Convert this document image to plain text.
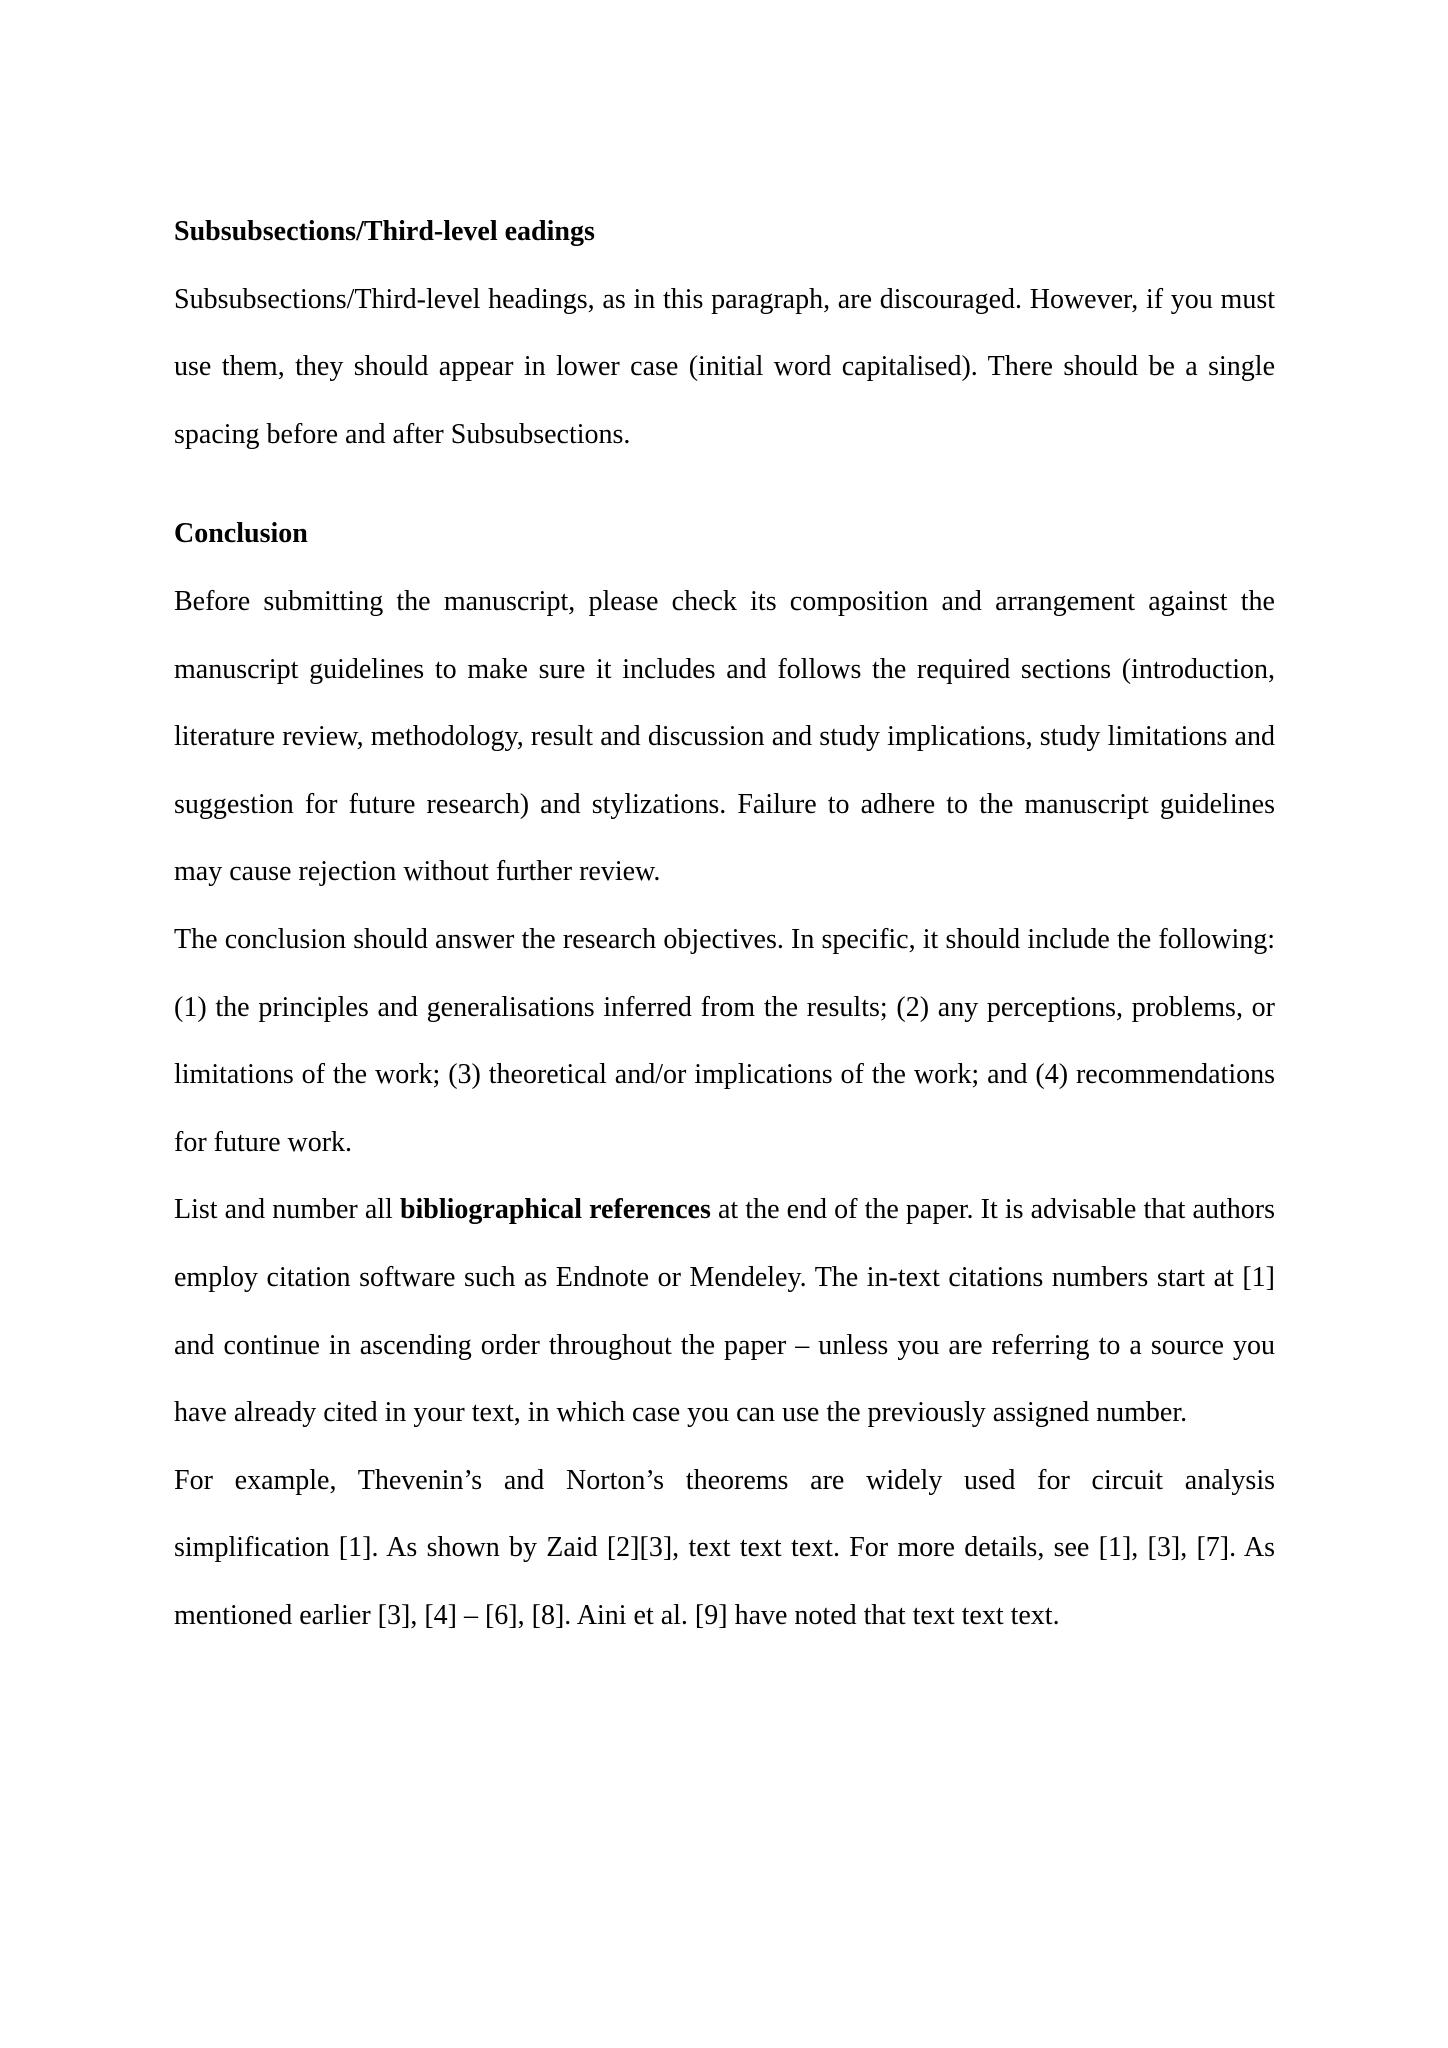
Subsubsections/Third-level eadings

Subsubsections/Third-level headings, as in this paragraph, are discouraged. However, if you must use them, they should appear in lower case (initial word capitalised). There should be a single spacing before and after Subsubsections.

Conclusion

Before submitting the manuscript, please check its composition and arrangement against the manuscript guidelines to make sure it includes and follows the required sections (introduction, literature review, methodology, result and discussion and study implications, study limitations and suggestion for future research) and stylizations. Failure to adhere to the manuscript guidelines may cause rejection without further review.

The conclusion should answer the research objectives. In specific, it should include the following: (1) the principles and generalisations inferred from the results; (2) any perceptions, problems, or limitations of the work; (3) theoretical and/or implications of the work; and (4) recommendations for future work.

List and number all bibliographical references at the end of the paper. It is advisable that authors employ citation software such as Endnote or Mendeley. The in-text citations numbers start at [1] and continue in ascending order throughout the paper – unless you are referring to a source you have already cited in your text, in which case you can use the previously assigned number.

For example, Thevenin’s and Norton’s theorems are widely used for circuit analysis simplification [1]. As shown by Zaid [2][3], text text text. For more details, see [1], [3], [7]. As mentioned earlier [3], [4] – [6], [8]. Aini et al. [9] have noted that text text text.
